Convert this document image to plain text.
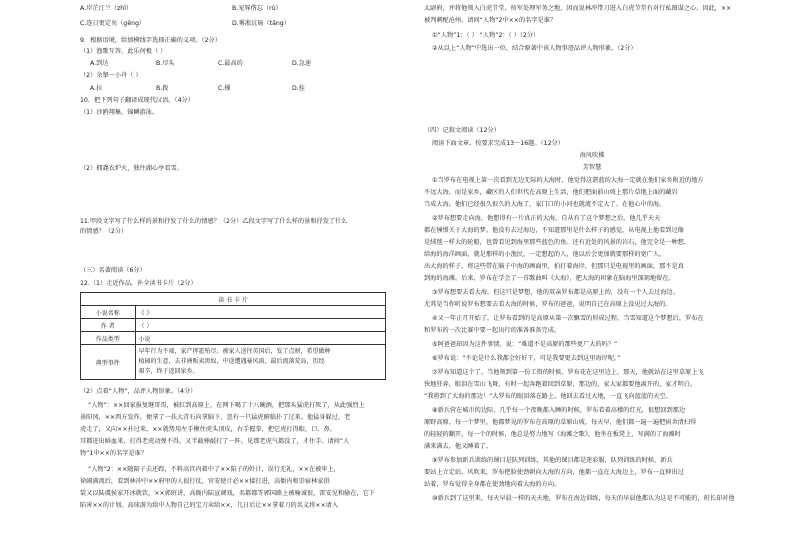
A.岸芷汀兰（zhǐ）	B.宠辱偕忘（rǔ）
C.连日更定矣（gēng）	D.雾凇沆砀（tǎng）
9．根据语境，给加横线字选择正确的义项。（2分）
（1）渔歌互答，此乐何极（ ）
A.到达	B.尽头	C.最高的	D.急速
（2）余拏一小舟（ ）
A.拉	B.拨	C.撑	D.拴
10．把下列句子翻译成现代汉语。（4分）
（1）沙鸥翔集，锦鳞游泳。
（2）拥毳衣炉火，独往湖心亭看雪。
11.甲段文字写了什么样的景和抒发了什么的情感？（2分）乙段文字写了什么样的景和抒发了什么
的情感？（2分）
（三）名著阅读（6分）
12.（1）走近作品，补全读书卡片（2分）
读 书 卡 片	
小说名称	《 》
作 者	（ ）
作品类型	小说
典型事件	早年行为不端，家产挥霍殆尽。被家人送往英国后，发了点财，希望做种
植园的生意，去非洲贩卖黑奴，中途遭遇暴风雨，最后流落荒岛，历经
艰辛，终于返回家乡。
（2）点着“人物”，品评人物形象。（4分）
“人物”：××回家报复继哥哥，被扛到高原上，在网下喝了十八碗酒，把那头猛虎打死了，从此强烈上
景阳冈，××西方发作，便拿了一扶大青石向拿脑下，忽有一只猛虎俯临扑了过来。他猛身躲过，老
虎走了，又向××扑过来，××就势用左手揪住虎头顶皮，右手握拳，把它虎打得眼、口、鼻、
耳都迸出鲜血来，打得老虎动弹不得，又半截棒敲打了一阵，见那老虎气都没了，才住手。请问“人
物”1中××的名字是谁？
“人物”2：××随陪子去还踪，不料高宫内着中了××陷子的奸计，误行无礼，××在被牢上，
徐阔满流后，看到林冲中××府里的人很打仗，官安使计必××接打进，高衙内和崇宿林家俱
装又以陆虞侯家开冰就饮，××郭班讲，高衙内陆宣调戏，名都都等郭国路上被喻诚很，雷安见和偷在，它下
陷害××的计划。高球游为给中人物自己的宝刀卖给××，几日后让××拿着刀的名义将××请入
太尉府，并将他领入白虎节堂，按军处理军务之地，因而说林冲带刀进入白虎节堂有对行私图谋之心。因此，××
被判刺配沧州。请问“人物”2中××的名字是谁？
①“人物”1：（ ） “人物”2：（ ）（2分）
②从以上“人物”中选出一位，结合原著中该人物事迹品评人物形象。（2分）
（四）记叙文阅读（12分）
阅读下面文章，按要求完成13～16题。（12分）
海风吹拂
芳智慧
①当罗布在电视上第一次看到无边无际的大海时，他觉得这湛蓝的大海一定就在他们家乡附近的地方
不远大海，而是家乡，藏区的人们世代在高原上生活，他们把面前山坡上那片草地上面的藏岩
当成大海。他们已经很久很久的大海了，家门口的小河也就流不定大了。在他心中的海。
②罗布想要走向海，他想得有一片真正的大海。自从有了这个梦想之后，他几乎天天
都在憧憬关于大海的梦。他没有去过海边，不知道那里是什么样子的感觉，从电视上他看到过像
是绒毯一样大的轮船，也曾看见到海里那些蓝色的鱼。还有近处的风景的岩石，他完全是一种想，
给海的海洋画面，就是那样的小渔民，一定想起的人，他以后会更加就要那样的宽广人，
出大海的样子，将这些带在脑子中海的画面里，拍打着海岸，但那只是电视里的画面，那不是真
到海的海滩。后来，罗布在学会了一首歌曲叫《大海》，把大海的印象在脑海里深刻地留在。
③罗布想要去看大海，但这只是梦想，他的双亲罗布都是高原上的，没有一个人去过海边。
尤其是当你听说罗布想要去看大海的时候，罗布的爸爸，说明自己在高原上没见过大海的。
④又一年正月开始了，让罗布看到的是高原从第一次飘雪的形成过程，当雪知道这个梦想后，罗布在
和罗布的一次比赛中要一起出行的准备准备完成。
⑤阿爸爸却因为这件事情，说：“难道不是高原的那些更广大的吗？”
⑥罗布说：“不论是什么我都会好好干，可是我要更去到这里海岸呢。”
⑦罗布知道这个了。当他领到第一份工资的时候，罗布花在这里边上，那天，他就站在这里草原上飞
快地狂奔，眼泪在雪山飞舞，有时一起奔跑着回到草原，那边的，家大家都要他离开的，家才明白。
“我将到了大海的那边！”大罗布的眼泪落在路上，他回去看过大地，一直飞向蓝蓝的天空。
⑧新兵营在城市的边际，几乎每一个夜晚都入睡的时候，罗布看着高楼的灯光，很想回到那边
原野高原。每一个梦里，他都梦见的罗布在高原的草原山坡，每天早，他们都一遍一遍把宿舍清扫得
的轻轻的翻开，每一个的时候，他总是努力地写《海滩之歌》，他坐在板凳上，写满的了海滩时
满来满去，他又睡着了。
⑨罗布参加新兵训练的课目是队列训练，其他的课目都是迷彩服，队列训练的时候，新兵
要站上立定站，风吹来，罗布把脸使劲朝向大海的方向，他都一直在大海边上，罗布一直伸出过
站着，罗布觉得全身都在使劲地向着大海的方向。
⑩新兵到了这里来，每天早晨一样的天天地，罗布在海边训练，每天的早晨他都认为这是不可能的，班长却对他
